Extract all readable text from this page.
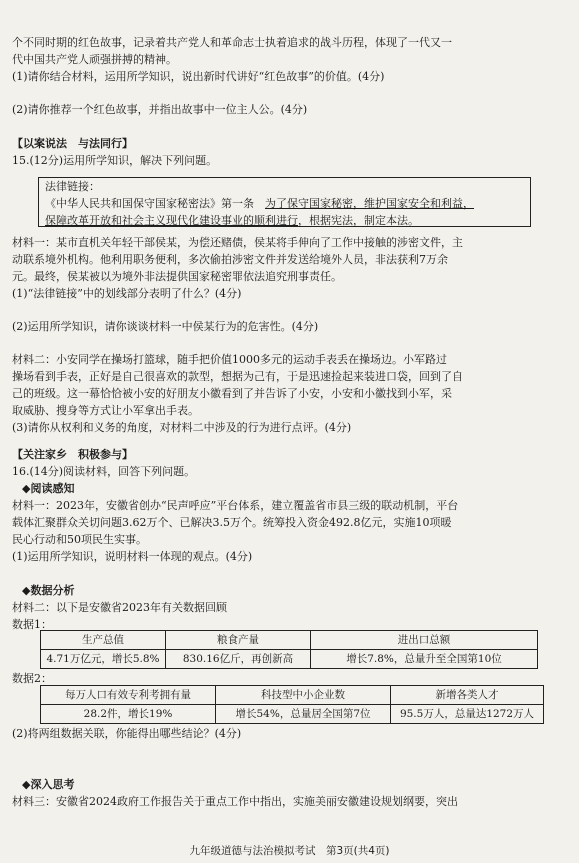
个不同时期的红色故事，记录着共产党人和革命志士执着追求的战斗历程，体现了一代又一
代中国共产党人顽强拼搏的精神。
(1)请你结合材料，运用所学知识，说出新时代讲好“红色故事”的价值。(4分)
(2)请你推荐一个红色故事，并指出故事中一位主人公。(4分)
【以案说法　与法同行】
15.(12分)运用所学知识，解决下列问题。
法律链接：
《中华人民共和国保守国家秘密法》第一条　为了保守国家秘密，维护国家安全和利益，
保障改革开放和社会主义现代化建设事业的顺利进行，根据宪法，制定本法。
材料一：某市直机关年轻干部侯某，为偿还赌债，侯某将手伸向了工作中接触的涉密文件，主
动联系境外机构。他利用职务便利，多次偷拍涉密文件并发送给境外人员，非法获利7万余
元。最终，侯某被以为境外非法提供国家秘密罪依法追究刑事责任。
(1)“法律链接”中的划线部分表明了什么？(4分)
(2)运用所学知识，请你谈谈材料一中侯某行为的危害性。(4分)
材料二：小安同学在操场打篮球，随手把价值1000多元的运动手表丢在操场边。小军路过
操场看到手表，正好是自己很喜欢的款型，想据为己有，于是迅速捡起来装进口袋，回到了自
己的班级。这一幕恰恰被小安的好朋友小徽看到了并告诉了小安，小安和小徽找到小军，采
取威胁、搜身等方式让小军拿出手表。
(3)请你从权利和义务的角度，对材料二中涉及的行为进行点评。(4分)
【关注家乡　积极参与】
16.(14分)阅读材料，回答下列问题。
◆阅读感知
材料一：2023年，安徽省创办“民声呼应”平台体系，建立覆盖省市县三级的联动机制，平台
载体汇聚群众关切问题3.62万个、已解决3.5万个。统筹投入资金492.8亿元，实施10项暖
民心行动和50项民生实事。
(1)运用所学知识，说明材料一体现的观点。(4分)
◆数据分析
材料二：以下是安徽省2023年有关数据回顾
数据1：
生产总值	粮食产量	进出口总额
4.71万亿元，增长5.8%	830.16亿斤，再创新高	增长7.8%，总量升至全国第10位
数据2：
每万人口有效专利考拥有量	科技型中小企业数	新增各类人才
28.2件，增长19%	增长54%，总量居全国第7位	95.5万人，总量达1272万人
(2)将两组数据关联，你能得出哪些结论？(4分)
◆深入思考
材料三：安徽省2024政府工作报告关于重点工作中指出，实施美丽安徽建设规划纲要，突出
九年级道德与法治模拟考试　第3页(共4页)
